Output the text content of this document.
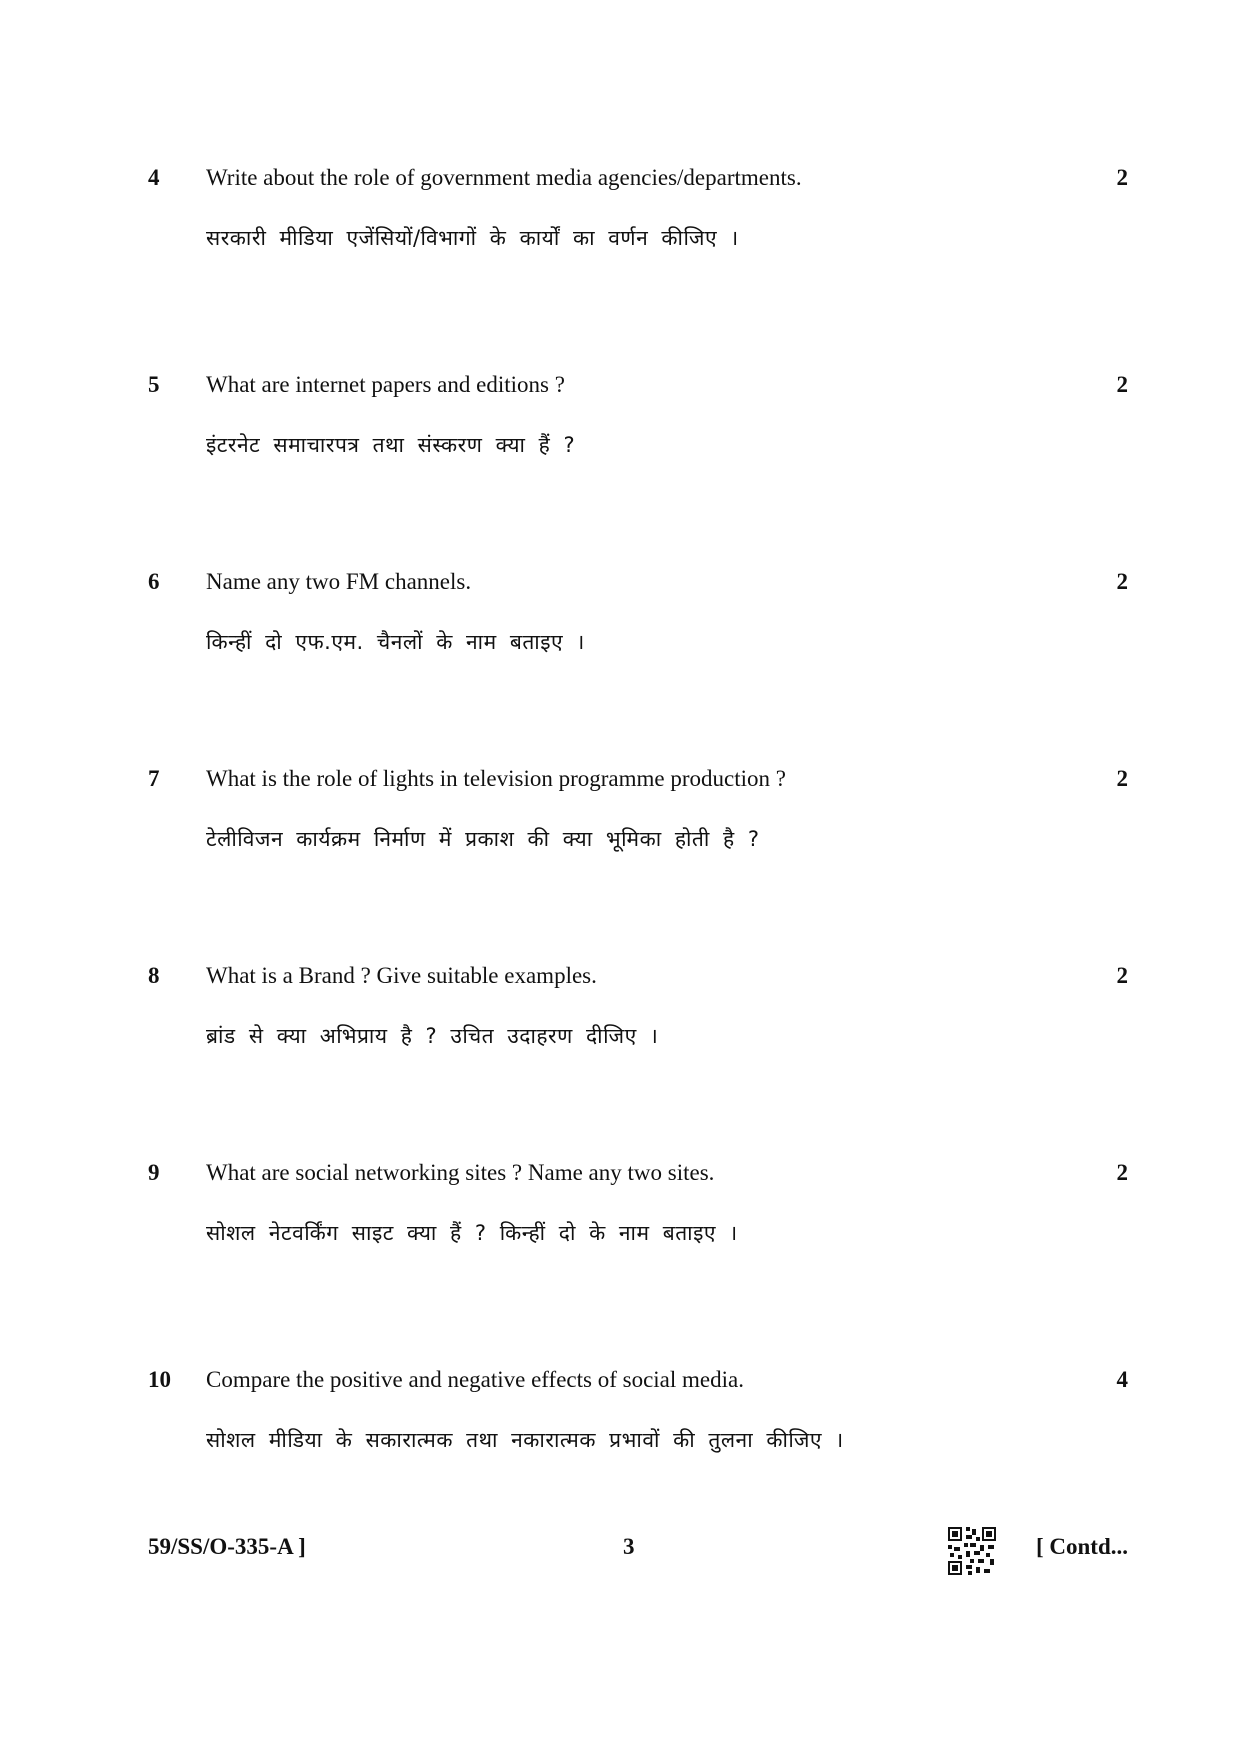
4 Write about the role of government media agencies/departments.	2
सरकारी मीडिया एजेंसियों/विभागों के कार्यों का वर्णन कीजिए ।
5 What are internet papers and editions ?	2
इंटरनेट समाचारपत्र तथा संस्करण क्या हैं ?
6 Name any two FM channels.	2
किन्हीं दो एफ.एम. चैनलों के नाम बताइए ।
7 What is the role of lights in television programme production ?	2
टेलीविजन कार्यक्रम निर्माण में प्रकाश की क्या भूमिका होती है ?
8 What is a Brand ? Give suitable examples.	2
ब्रांड से क्या अभिप्राय है ? उचित उदाहरण दीजिए ।
9 What are social networking sites ? Name any two sites.	2
सोशल नेटवर्किंग साइट क्या हैं ? किन्हीं दो के नाम बताइए ।
10 Compare the positive and negative effects of social media.	4
सोशल मीडिया के सकारात्मक तथा नकारात्मक प्रभावों की तुलना कीजिए ।
59/SS/O-335-A ]	3	[ Contd...
